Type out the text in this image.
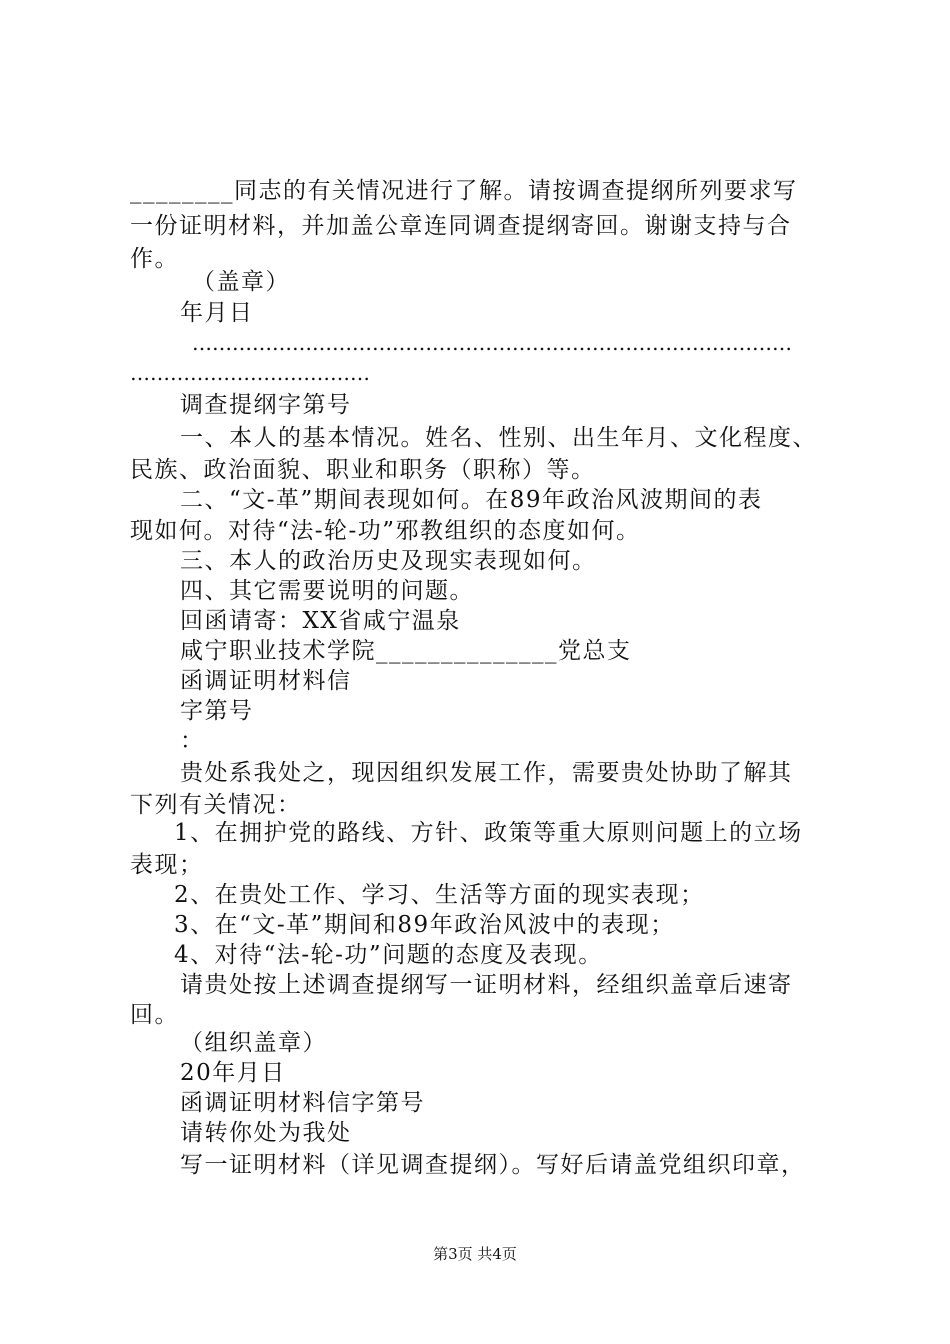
________同志的有关情况进行了解。请按调查提纲所列要求写
一份证明材料，并加盖公章连同调查提纲寄回。谢谢支持与合
作。
（盖章）
年月日
………………………………………………………………………………
………………………………
调查提纲字第号
一、本人的基本情况。姓名、性别、出生年月、文化程度、
民族、政治面貌、职业和职务（职称）等。
二、“文-革”期间表现如何。在89年政治风波期间的表
现如何。对待“法-轮-功”邪教组织的态度如何。
三、本人的政治历史及现实表现如何。
四、其它需要说明的问题。
回函请寄：XX省咸宁温泉
咸宁职业技术学院______________党总支
函调证明材料信
字第号
：
贵处系我处之，现因组织发展工作，需要贵处协助了解其
下列有关情况：
1、在拥护党的路线、方针、政策等重大原则问题上的立场
表现；
2、在贵处工作、学习、生活等方面的现实表现；
3、在“文-革”期间和89年政治风波中的表现；
4、对待“法-轮-功”问题的态度及表现。
请贵处按上述调查提纲写一证明材料，经组织盖章后速寄
回。
（组织盖章）
20年月日
函调证明材料信字第号
请转你处为我处
写一证明材料（详见调查提纲）。写好后请盖党组织印章，
第3页 共4页
